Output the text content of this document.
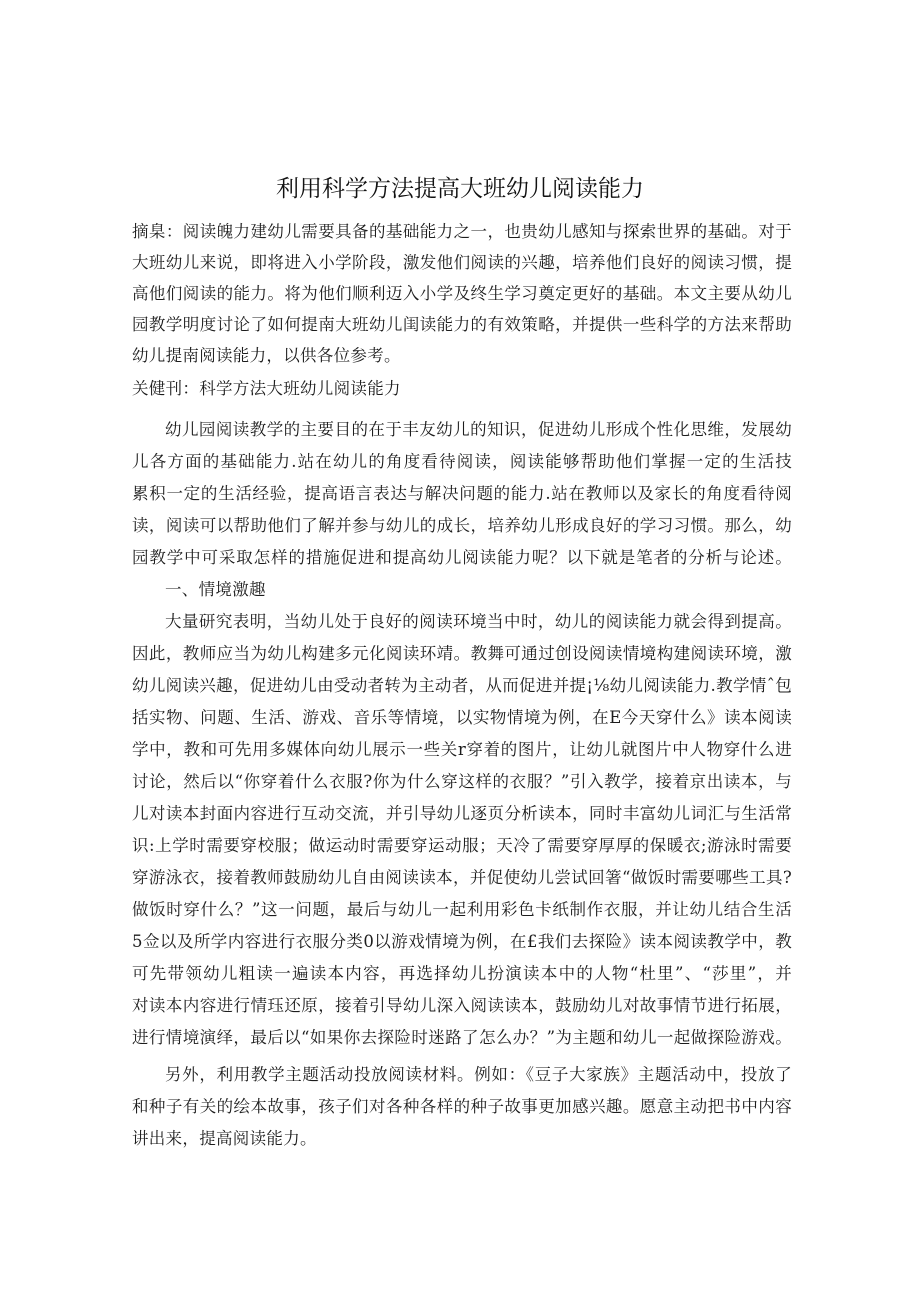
利用科学方法提高大班幼儿阅读能力
摘臬：阅读魄力建幼儿需要具备的基础能力之一，也贵幼儿感知与探索世界的基础。对于
大班幼儿来说，即将进入小学阶段，激发他们阅读的兴趣，培养他们良好的阅读习惯，提
高他们阅读的能力。将为他们顺利迈入小学及终生学习奠定更好的基础。本文主要从幼儿
园教学明度讨论了如何提南大班幼儿闺读能力的有效策略，并提供一些科学的方法来帮助
幼儿提南阅读能力，以供各位参考。
关健刊：科学方法大班幼儿阅读能力
幼儿园阅读教学的主要目的在于丰友幼儿的知识，促进幼儿形成个性化思维，发展幼
儿各方面的基础能力.站在幼儿的角度看待阅读，阅读能够帮助他们掌握一定的生活技
累积一定的生活经验，提高语言表达与解决问题的能力.站在教师以及家长的角度看待阅
读，阅读可以帮助他们了解并参与幼儿的成长，培养幼儿形成良好的学习习惯。那么，幼
园教学中可采取怎样的措施促进和提高幼儿阅读能力呢？以下就是笔者的分析与论述。
一、情境激趣
大量研究表明，当幼儿处于良好的阅读环境当中时，幼儿的阅读能力就会得到提高。
因此，教师应当为幼儿构建多元化阅读环靖。教舞可通过创设阅读情境构建阅读环境，激
幼儿阅读兴趣，促进幼儿由受动者转为主动者，从而促进并提¡⅛幼儿阅读能力.教学情ˆ包
括实物、问题、生活、游戏、音乐等情境，以实物情境为例，在E今天穿什么》读本阅读
学中，教和可先用多媒体向幼儿展示一些关r穿着的图片，让幼儿就图片中人物穿什么进
讨论，然后以“你穿着什么衣服?你为什么穿这样的衣服？”引入教学，接着京出读本，与
儿对读本封面内容进行互动交流，并引导幼儿逐页分析读本，同时丰富幼儿词汇与生活常
识:上学时需要穿校服；做运动时需要穿运动服；天冷了需要穿厚厚的保暖衣;游泳时需要
穿游泳衣，接着教师鼓励幼儿自由阅读读本，并促使幼儿尝试回箸“做饭时需要哪些工具?
做饭时穿什么？”这一问题，最后与幼儿一起利用彩色卡纸制作衣服，并让幼儿结合生活
5佥以及所学内容进行衣服分类0以游戏情境为例，在£我们去探险》读本阅读教学中，教
可先带领幼儿粗读一遍读本内容，再选择幼儿扮演读本中的人物“杜里”、“莎里”，并
对读本内容进行情珏还原，接着引导幼儿深入阅读读本，鼓励幼儿对故事情节进行拓展，
进行情境演绎，最后以“如果你去探险时迷路了怎么办？”为主题和幼儿一起做探险游戏。
另外，利用教学主题活动投放阅读材料。例如：《豆子大家族》主题活动中，投放了
和种子有关的绘本故事，孩子们对各种各样的种子故事更加感兴趣。愿意主动把书中内容
讲出来，提高阅读能力。
